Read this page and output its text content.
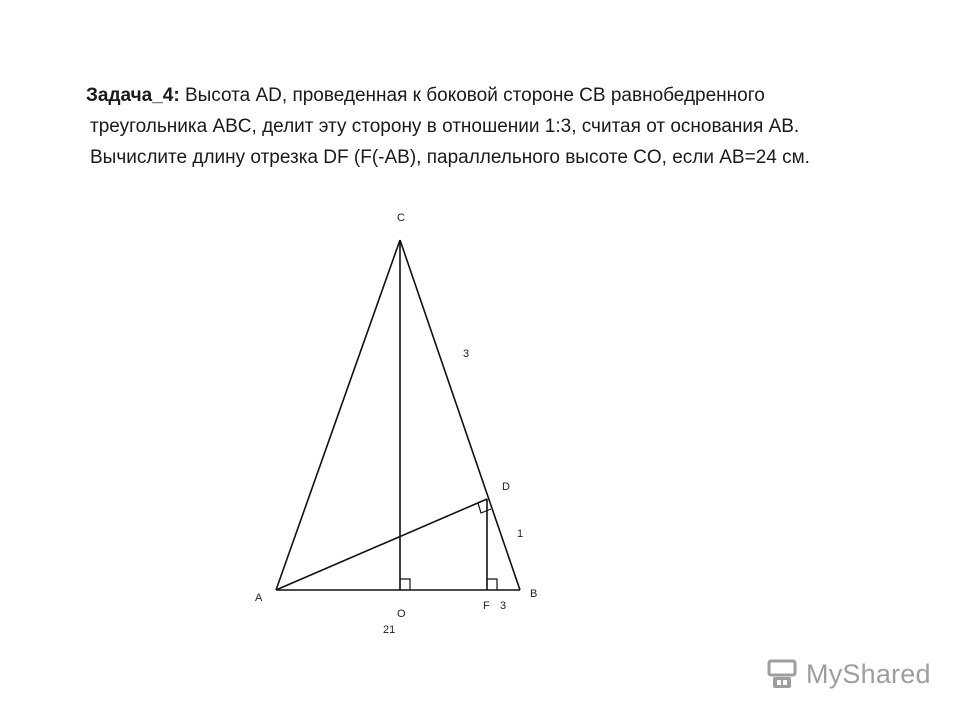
Задача_4: Высота AD, проведенная к боковой стороне CB равнобедренного
треугольника ABC, делит эту сторону в отношении 1:3, считая от основания AB.
Вычислите длину отрезка DF (F(-AB), параллельного высоте CO, если AB=24 см.
C
A	B
D
O
F
3
1
21
3
MyShared
